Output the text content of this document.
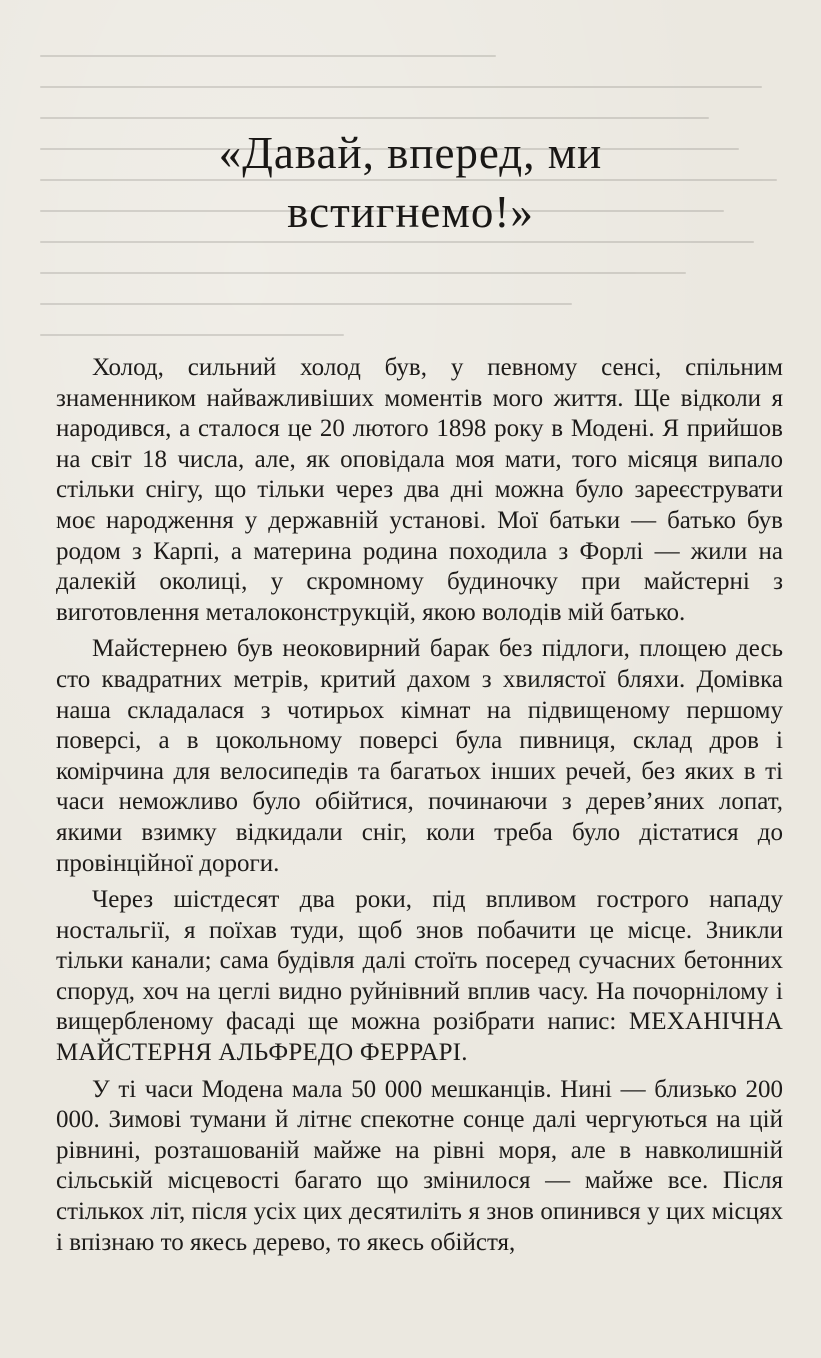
«Давай, вперед, ми
встигнемо!»

Холод, сильний холод був, у певному сенсі, спільним знаменником найважливіших моментів мого життя. Ще відколи я народився, а сталося це 20 лютого 1898 року в Модені. Я прийшов на світ 18 числа, але, як оповідала моя мати, того місяця випало стільки снігу, що тільки через два дні можна було зареєструвати моє народження у державній установі. Мої батьки — батько був родом з Карпі, а материна родина походила з Форлі — жили на далекій околиці, у скромному будиночку при майстерні з виготовлення металоконструкцій, якою володів мій батько.

Майстернею був неоковирний барак без підлоги, площею десь сто квадратних метрів, критий дахом з хвилястої бляхи. Домівка наша складалася з чотирьох кімнат на підвищеному першому поверсі, а в цокольному поверсі була пивниця, склад дров і комірчина для велосипедів та багатьох інших речей, без яких в ті часи неможливо було обійтися, починаючи з дерев’яних лопат, якими взимку відкидали сніг, коли треба було дістатися до провінційної дороги.

Через шістдесят два роки, під впливом гострого нападу ностальгії, я поїхав туди, щоб знов побачити це місце. Зникли тільки канали; сама будівля далі стоїть посеред сучасних бетонних споруд, хоч на цеглі видно руйнівний вплив часу. На почорнілому і вищербленому фасаді ще можна розібрати напис: МЕХАНІЧНА МАЙСТЕРНЯ АЛЬФРЕДО ФЕРРАРІ.

У ті часи Модена мала 50 000 мешканців. Нині — близько 200 000. Зимові тумани й літнє спекотне сонце далі чергуються на цій рівнині, розташованій майже на рівні моря, але в навколишній сільській місцевості багато що змінилося — майже все. Після стількох літ, після усіх цих десятиліть я знов опинився у цих місцях і впізнаю то якесь дерево, то якесь обійстя,
